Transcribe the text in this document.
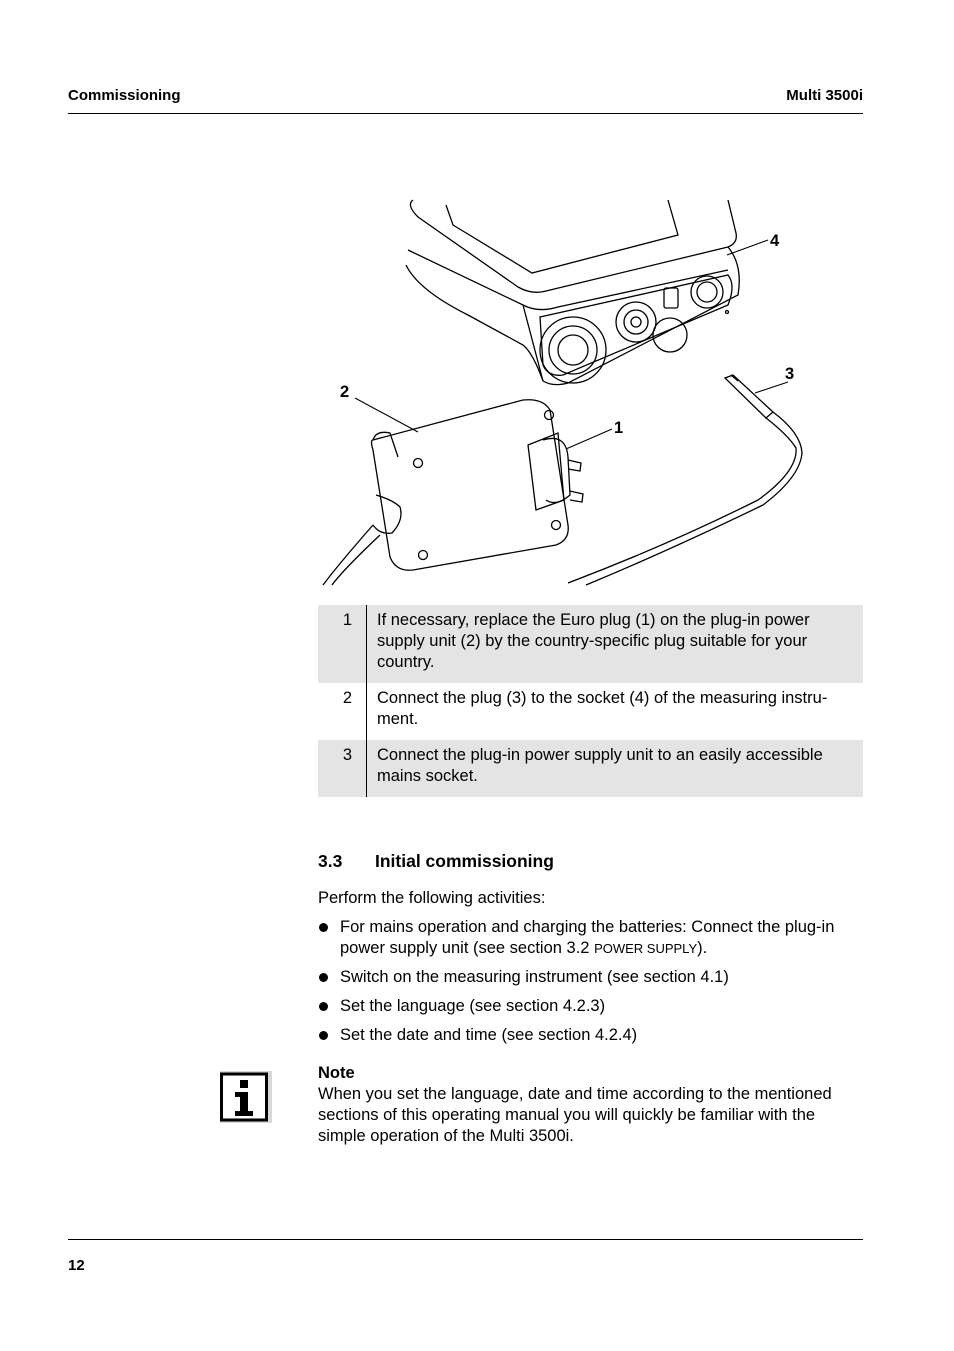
Commissioning	Multi 3500i
4
3
2
1
1	If necessary, replace the Euro plug (1) on the plug-in power supply unit (2) by the country-specific plug suitable for your country.
2	Connect the plug (3) to the socket (4) of the measuring instru-ment.
3	Connect the plug-in power supply unit to an easily accessible mains socket.
3.3 Initial commissioning
Perform the following activities:
For mains operation and charging the batteries: Connect the plug-in power supply unit (see section 3.2 POWER SUPPLY).
Switch on the measuring instrument (see section 4.1)
Set the language (see section 4.2.3)
Set the date and time (see section 4.2.4)
Note
When you set the language, date and time according to the mentioned sections of this operating manual you will quickly be familiar with the simple operation of the Multi 3500i.
12
